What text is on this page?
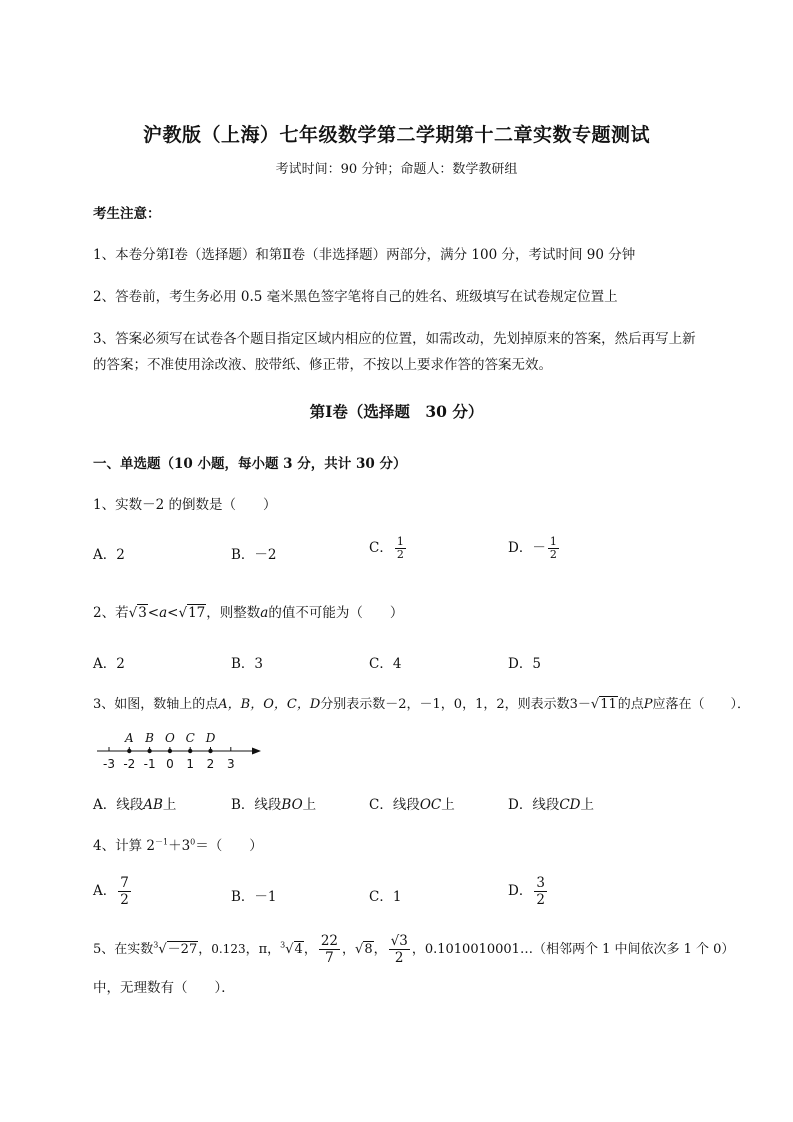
沪教版（上海）七年级数学第二学期第十二章实数专题测试
考试时间：90 分钟；命题人：数学教研组
考生注意：
1、本卷分第Ⅰ卷（选择题）和第Ⅱ卷（非选择题）两部分，满分 100 分，考试时间 90 分钟
2、答卷前，考生务必用 0.5 毫米黑色签字笔将自己的姓名、班级填写在试卷规定位置上
3、答案必须写在试卷各个题目指定区域内相应的位置，如需改动，先划掉原来的答案，然后再写上新
的答案；不准使用涂改液、胶带纸、修正带，不按以上要求作答的答案无效。
第Ⅰ卷（选择题　30 分）
一、单选题（10 小题，每小题 3 分，共计 30 分）
1、实数－2 的倒数是（　　）
A．2	B．－2	C． $\frac{1}{2}$	D．－ $\frac{1}{2}$
2、若√3<a<√17，则整数a的值不可能为（　　）
A．2	B．3	C．4	D．5
3、如图，数轴上的点A，B，O，C，D分别表示数－2，－1，0，1，2，则表示数3－√11的点P应落在（　　）．
-3 -2 -1 0 1 2 3
A B O C D
A．线段AB上	B．线段BO上	C．线段OC上	D．线段CD上
4、计算 $2^{-1}+3^0=$（　　）
A． $\frac{7}{2}$	B．－1	C．1	D． $\frac{3}{2}$
5、在实数$^3$√－27，0.123，π，$^3$√4， $\frac{22}{7}$ ，√8， $\frac{√3}{2}$ ，0.1010010001…（相邻两个 1 中间依次多 1 个 0）
中，无理数有（　　）．
